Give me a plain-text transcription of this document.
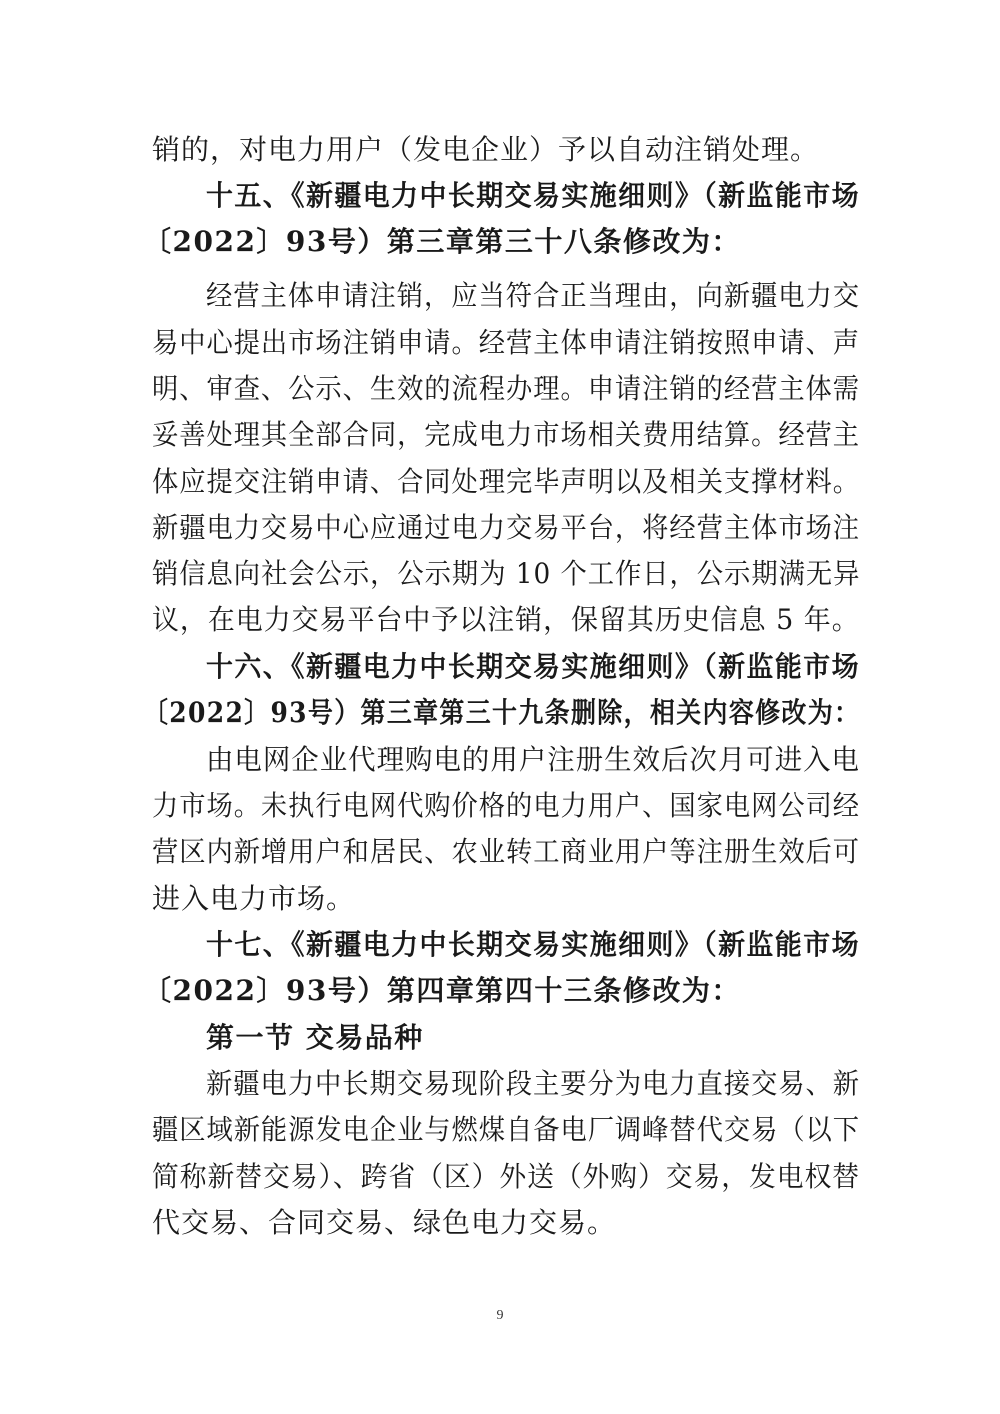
销的，对电力用户（发电企业）予以自动注销处理。
十五、《新疆电力中长期交易实施细则》（新监能市场
〔2022〕93号）第三章第三十八条修改为：
经营主体申请注销，应当符合正当理由，向新疆电力交
易中心提出市场注销申请。经营主体申请注销按照申请、声
明、审查、公示、生效的流程办理。申请注销的经营主体需
妥善处理其全部合同，完成电力市场相关费用结算。经营主
体应提交注销申请、合同处理完毕声明以及相关支撑材料。
新疆电力交易中心应通过电力交易平台，将经营主体市场注
销信息向社会公示，公示期为 10 个工作日，公示期满无异
议，在电力交易平台中予以注销，保留其历史信息 5 年。
十六、《新疆电力中长期交易实施细则》（新监能市场
〔2022〕93号）第三章第三十九条删除，相关内容修改为：
由电网企业代理购电的用户注册生效后次月可进入电
力市场。未执行电网代购价格的电力用户、国家电网公司经
营区内新增用户和居民、农业转工商业用户等注册生效后可
进入电力市场。
十七、《新疆电力中长期交易实施细则》（新监能市场
〔2022〕93号）第四章第四十三条修改为：
第一节 交易品种
新疆电力中长期交易现阶段主要分为电力直接交易、新
疆区域新能源发电企业与燃煤自备电厂调峰替代交易（以下
简称新替交易）、跨省（区）外送（外购）交易，发电权替
代交易、合同交易、绿色电力交易。
9
